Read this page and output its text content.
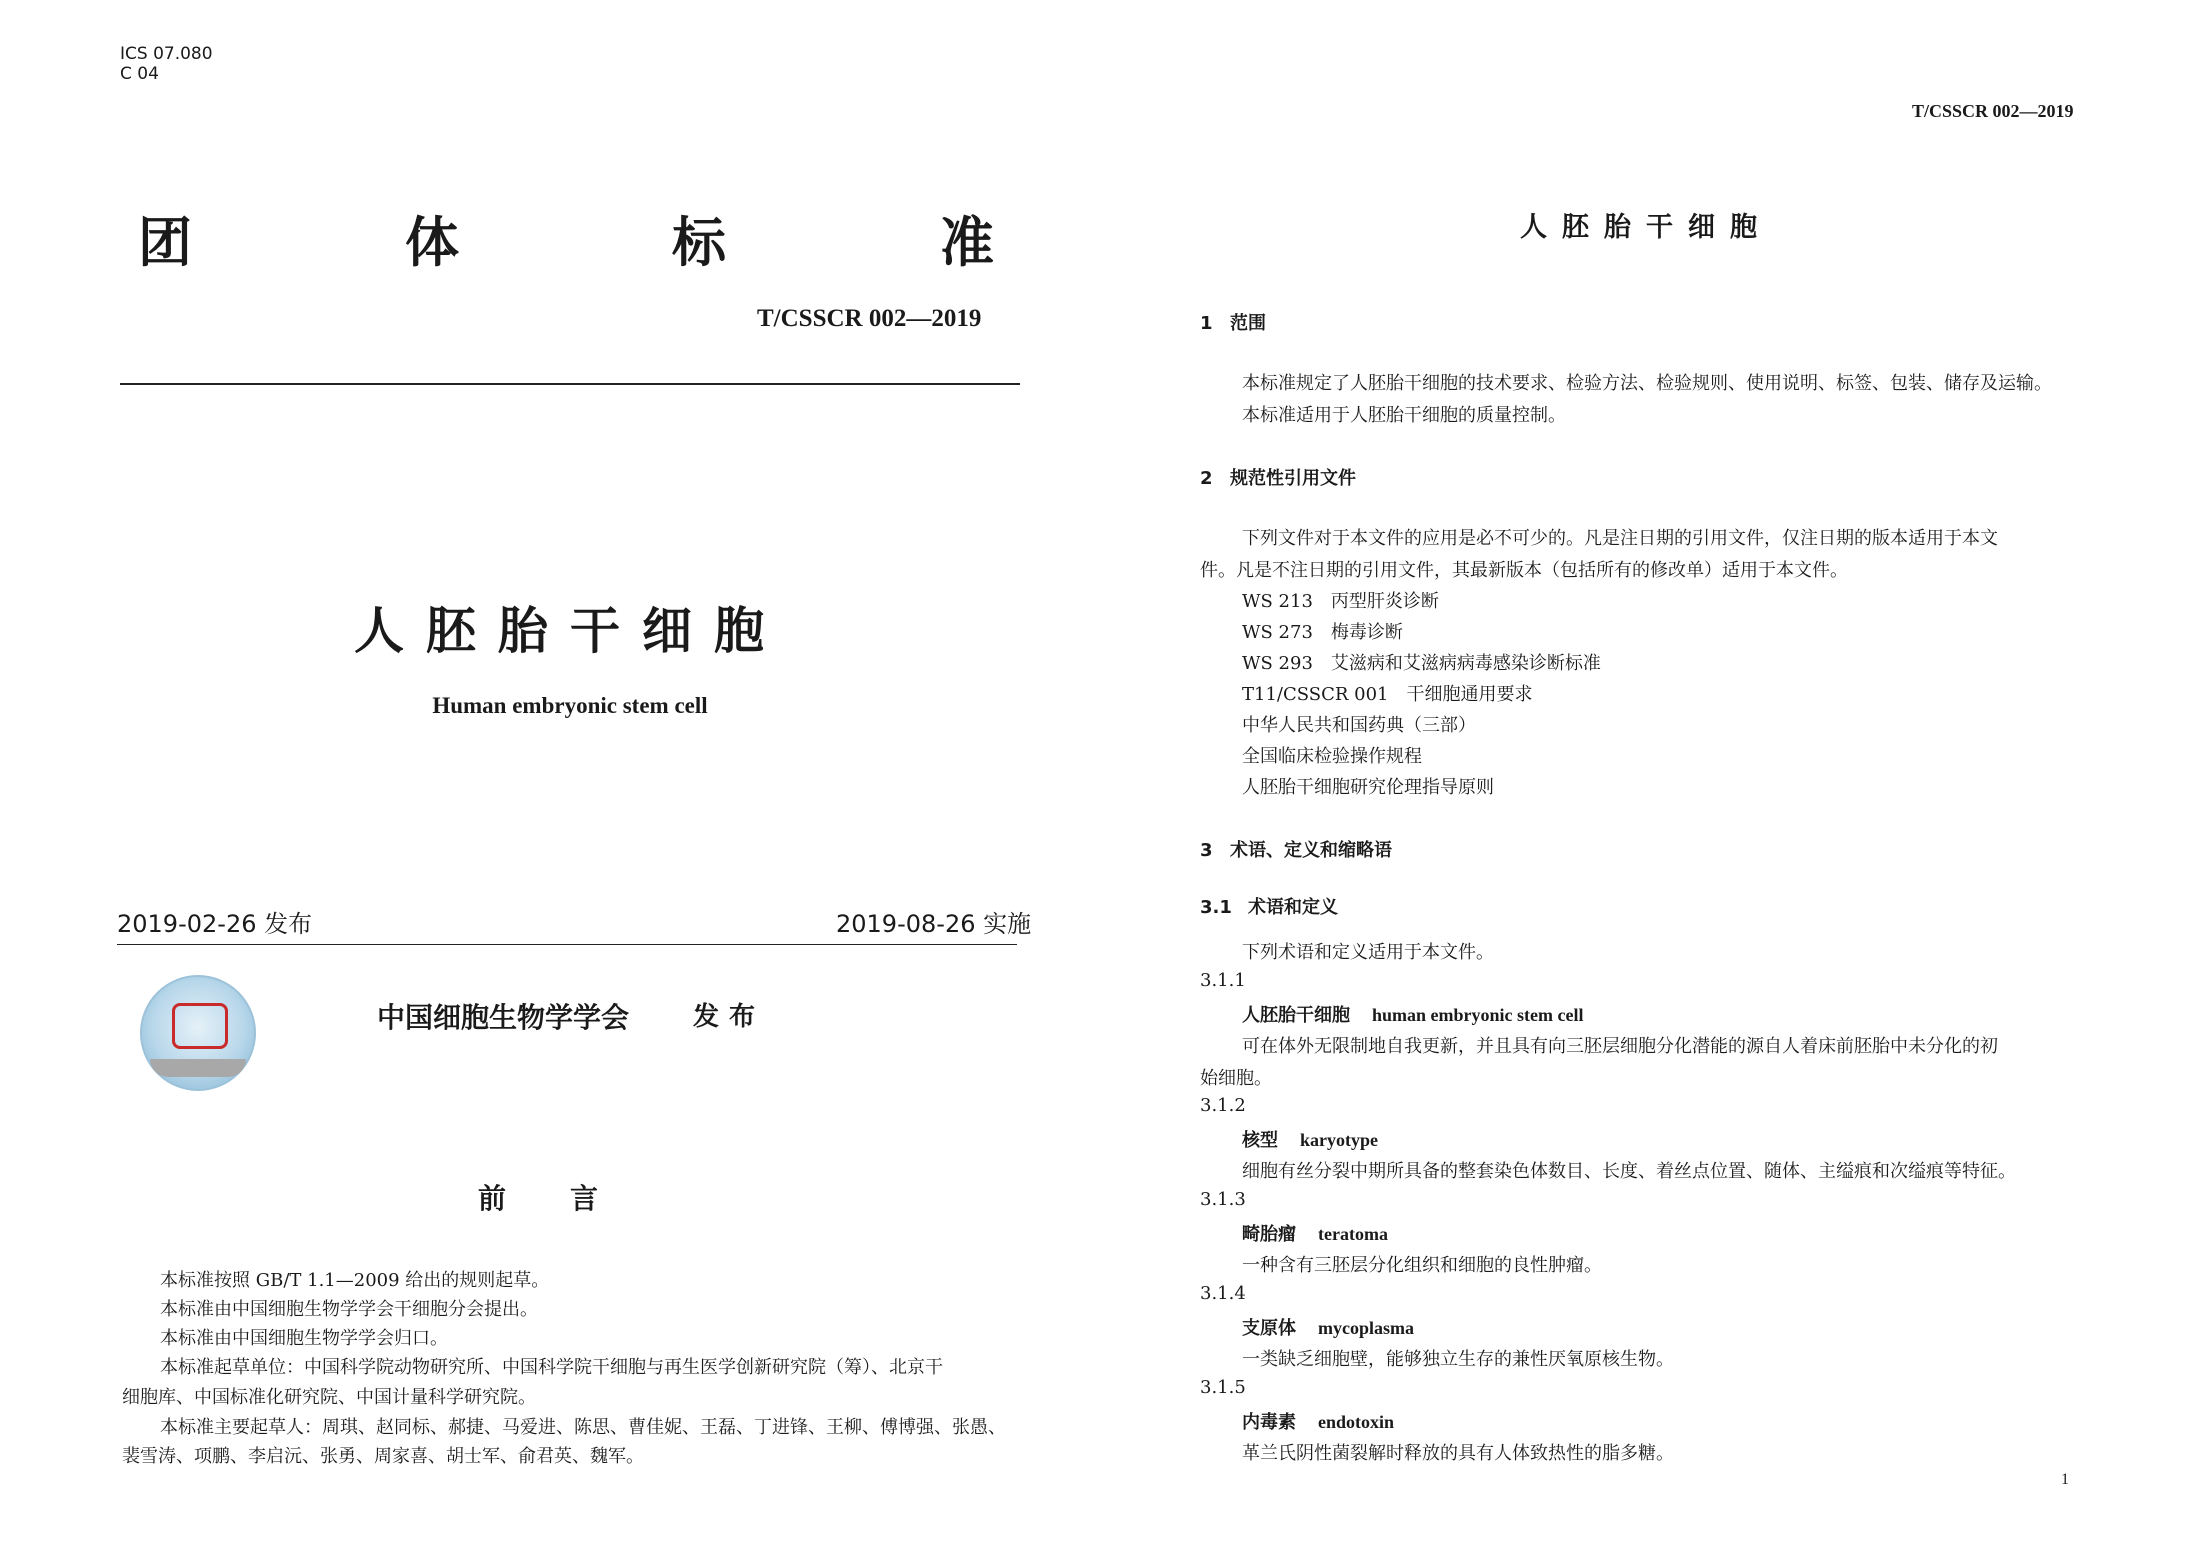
ICS 07.080
C 04
团	体	标	准
T/CSSCR 002—2019
人胚胎干细胞
Human embryonic stem cell
2019-02-26 发布	2019-08-26 实施
中国细胞生物学学会 发布
前言
本标准按照 GB/T 1.1—2009 给出的规则起草。
本标准由中国细胞生物学学会干细胞分会提出。
本标准由中国细胞生物学学会归口。
本标准起草单位：中国科学院动物研究所、中国科学院干细胞与再生医学创新研究院（筹）、北京干
细胞库、中国标准化研究院、中国计量科学研究院。
本标准主要起草人：周琪、赵同标、郝捷、马爱进、陈思、曹佳妮、王磊、丁进锋、王柳、傅博强、张愚、
裴雪涛、项鹏、李启沅、张勇、周家喜、胡士军、俞君英、魏军。
T/CSSCR 002—2019
人胚胎干细胞
1 范围
本标准规定了人胚胎干细胞的技术要求、检验方法、检验规则、使用说明、标签、包装、储存及运输。
本标准适用于人胚胎干细胞的质量控制。
2 规范性引用文件
下列文件对于本文件的应用是必不可少的。凡是注日期的引用文件，仅注日期的版本适用于本文
件。凡是不注日期的引用文件，其最新版本（包括所有的修改单）适用于本文件。
WS 213 丙型肝炎诊断
WS 273 梅毒诊断
WS 293 艾滋病和艾滋病病毒感染诊断标准
T11/CSSCR 001 干细胞通用要求
中华人民共和国药典（三部）
全国临床检验操作规程
人胚胎干细胞研究伦理指导原则
3 术语、定义和缩略语
3.1 术语和定义
下列术语和定义适用于本文件。
3.1.1
人胚胎干细胞 human embryonic stem cell
可在体外无限制地自我更新，并且具有向三胚层细胞分化潜能的源自人着床前胚胎中未分化的初
始细胞。
3.1.2
核型 karyotype
细胞有丝分裂中期所具备的整套染色体数目、长度、着丝点位置、随体、主缢痕和次缢痕等特征。
3.1.3
畸胎瘤 teratoma
一种含有三胚层分化组织和细胞的良性肿瘤。
3.1.4
支原体 mycoplasma
一类缺乏细胞壁，能够独立生存的兼性厌氧原核生物。
3.1.5
内毒素 endotoxin
革兰氏阴性菌裂解时释放的具有人体致热性的脂多糖。
1
